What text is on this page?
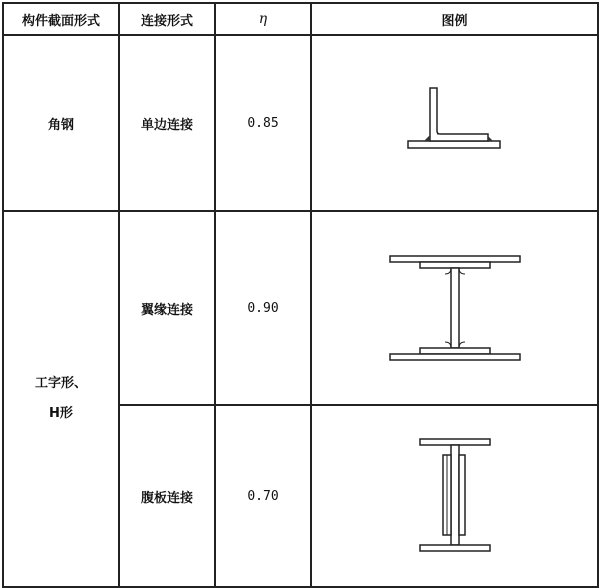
构件截面形式	连接形式	η	图例
角钢	单边连接	0.85	

工字形、
H形	翼缘连接	0.90	

	腹板连接	0.70	
